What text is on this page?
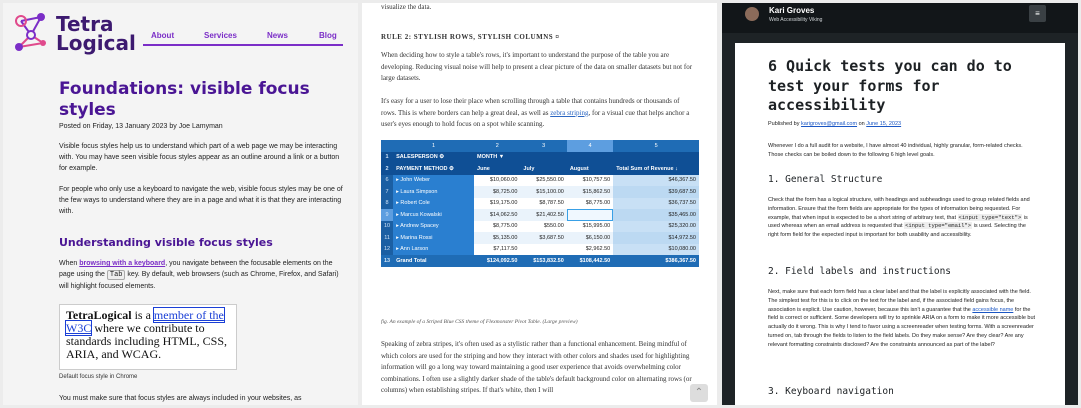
Tetra
Logical About	Services	News	Blog
Foundations: visible focus styles
Posted on Friday, 13 January 2023 by Joe Lamyman

Visible focus styles help us to understand which part of a web page we may be interacting with. You may have seen visible focus styles appear as an outline around a link or a button for example.

For people who only use a keyboard to navigate the web, visible focus styles may be one of the few ways to understand where they are in a page and what it is that they are interacting with.

Understanding visible focus styles

When browsing with a keyboard, you navigate between the focusable elements on the page using the Tab key. By default, web browsers (such as Chrome, Firefox, and Safari) will highlight focused elements.

TetraLogical is a member of the W3C where we contribute to standards including HTML, CSS, ARIA, and WCAG.
Default focus style in Chrome

You must make sure that focus styles are always included in your websites, as

visualize the data.

RULE 2: STYLISH ROWS, STYLISH COLUMNS ¤

When deciding how to style a table's rows, it's important to understand the purpose of the table you are developing. Reducing visual noise will help to present a clear picture of the data on smaller datasets but not for large datasets.

It's easy for a user to lose their place when scrolling through a table that contains hundreds or thousands of rows. This is where borders can help a great deal, as well as zebra striping, for a visual cue that helps anchor a user's eyes enough to hold focus on a spot while scanning.

	1	2	3	4	5
1	SALESPERSON ⚙	MONTH ▼			
2	PAYMENT METHOD ⚙	June	July	August	Total Sum of Revenue ↓
6	▸ John Weber	$10,060.00	$25,550.00	$10,757.50	$46,367.50
7	▸ Laura Simpson	$8,725.00	$15,100.00	$15,862.50	$39,687.50
8	▸ Robert Cole	$19,175.00	$8,787.50	$8,775.00	$36,737.50
9	▸ Marcus Kowalski	$14,062.50	$21,402.50		$35,465.00
10	▸ Andrew Spacey	$8,775.00	$550.00	$15,995.00	$25,320.00
11	▸ Marina Rossi	$5,135.00	$3,687.50	$6,150.00	$14,972.50
12	▸ Ann Larson	$7,117.50		$2,962.50	$10,080.00
13	Grand Total	$124,092.50	$153,832.50	$108,442.50	$386,367.50
fig. An example of a Striped Blue CSS theme of Flexmonster Pivot Table. (Large preview)

Speaking of zebra stripes, it's often used as a stylistic rather than a functional enhancement. Being mindful of which colors are used for the striping and how they interact with other colors and shades used for highlighting information will go a long way toward maintaining a good user experience that avoids overwhelming color combinations. I often use a slightly darker shade of the table's default background color on alternating rows (or columns) when establishing stripes. If that's white, then I will	⌃
Kari Groves
Web Accessibility Viking
≡
6 Quick tests you can do to test your forms for accessibility
Published by karigroves@gmail.com on June 15, 2023

Whenever I do a full audit for a website, I have almost 40 individual, highly granular, form-related checks. Those checks can be boiled down to the following 6 high level goals.

1. General Structure

Check that the form has a logical structure, with headings and subheadings used to group related fields and information. Ensure that the form fields are appropriate for the types of information being requested. For example, that when input is expected to be a short string of arbitrary text, that <input type="text"> is used whereas when an email address is requested that <input type="email"> is used. Selecting the right form field for the expected input is important for both usability and accessibility.

2. Field labels and instructions

Next, make sure that each form field has a clear label and that the label is explicitly associated with the field. The simplest test for this is to click on the text for the label and, if the associated field gains focus, the association is explicit. Use caution, however, because this isn't a guarantee that the accessible name for the field is correct or sufficient. Some developers will try to sprinkle ARIA on a form to make it more accessible but actually do it wrong. This is why I tend to favor using a screenreader when testing forms. With a screenreader turned on, tab through the fields to listen to the field labels. Do they make sense? Are they clear? Are any relevant formatting constraints disclosed? Are the constraints announced as part of the label?

3. Keyboard navigation
